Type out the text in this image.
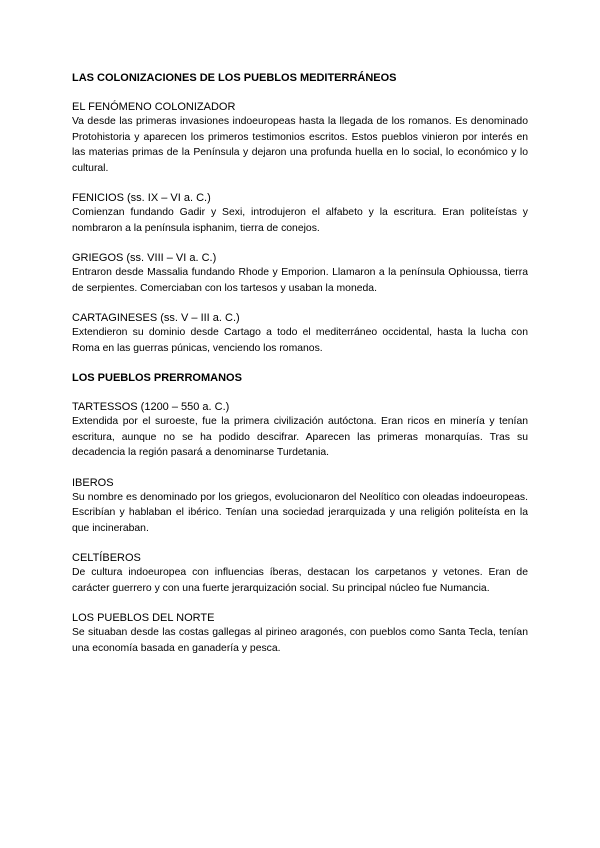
LAS COLONIZACIONES DE LOS PUEBLOS MEDITERRÁNEOS

EL FENÓMENO COLONIZADOR

Va desde las primeras invasiones indoeuropeas hasta la llegada de los romanos. Es denominado Protohistoria y aparecen los primeros testimonios escritos. Estos pueblos vinieron por interés en las materias primas de la Península y dejaron una profunda huella en lo social, lo económico y lo cultural.

FENICIOS (ss. IX – VI a. C.)

Comienzan fundando Gadir y Sexi, introdujeron el alfabeto y la escritura. Eran politeístas y nombraron a la península isphanim, tierra de conejos.

GRIEGOS (ss. VIII – VI a. C.)

Entraron desde Massalia fundando Rhode y Emporion. Llamaron a la península Ophioussa, tierra de serpientes. Comerciaban con los tartesos y usaban la moneda.

CARTAGINESES (ss. V – III a. C.)

Extendieron su dominio desde Cartago a todo el mediterráneo occidental, hasta la lucha con Roma en las guerras púnicas, venciendo los romanos.

LOS PUEBLOS PRERROMANOS

TARTESSOS (1200 – 550 a. C.)

Extendida por el suroeste, fue la primera civilización autóctona. Eran ricos en minería y tenían escritura, aunque no se ha podido descifrar. Aparecen las primeras monarquías. Tras su decadencia la región pasará a denominarse Turdetania.

IBEROS

Su nombre es denominado por los griegos, evolucionaron del Neolítico con oleadas indoeuropeas. Escribían y hablaban el ibérico. Tenían una sociedad jerarquizada y una religión politeísta en la que incineraban.

CELTÍBEROS

De cultura indoeuropea con influencias íberas, destacan los carpetanos y vetones. Eran de carácter guerrero y con una fuerte jerarquización social. Su principal núcleo fue Numancia.

LOS PUEBLOS DEL NORTE

Se situaban desde las costas gallegas al pirineo aragonés, con pueblos como Santa Tecla, tenían una economía basada en ganadería y pesca.
